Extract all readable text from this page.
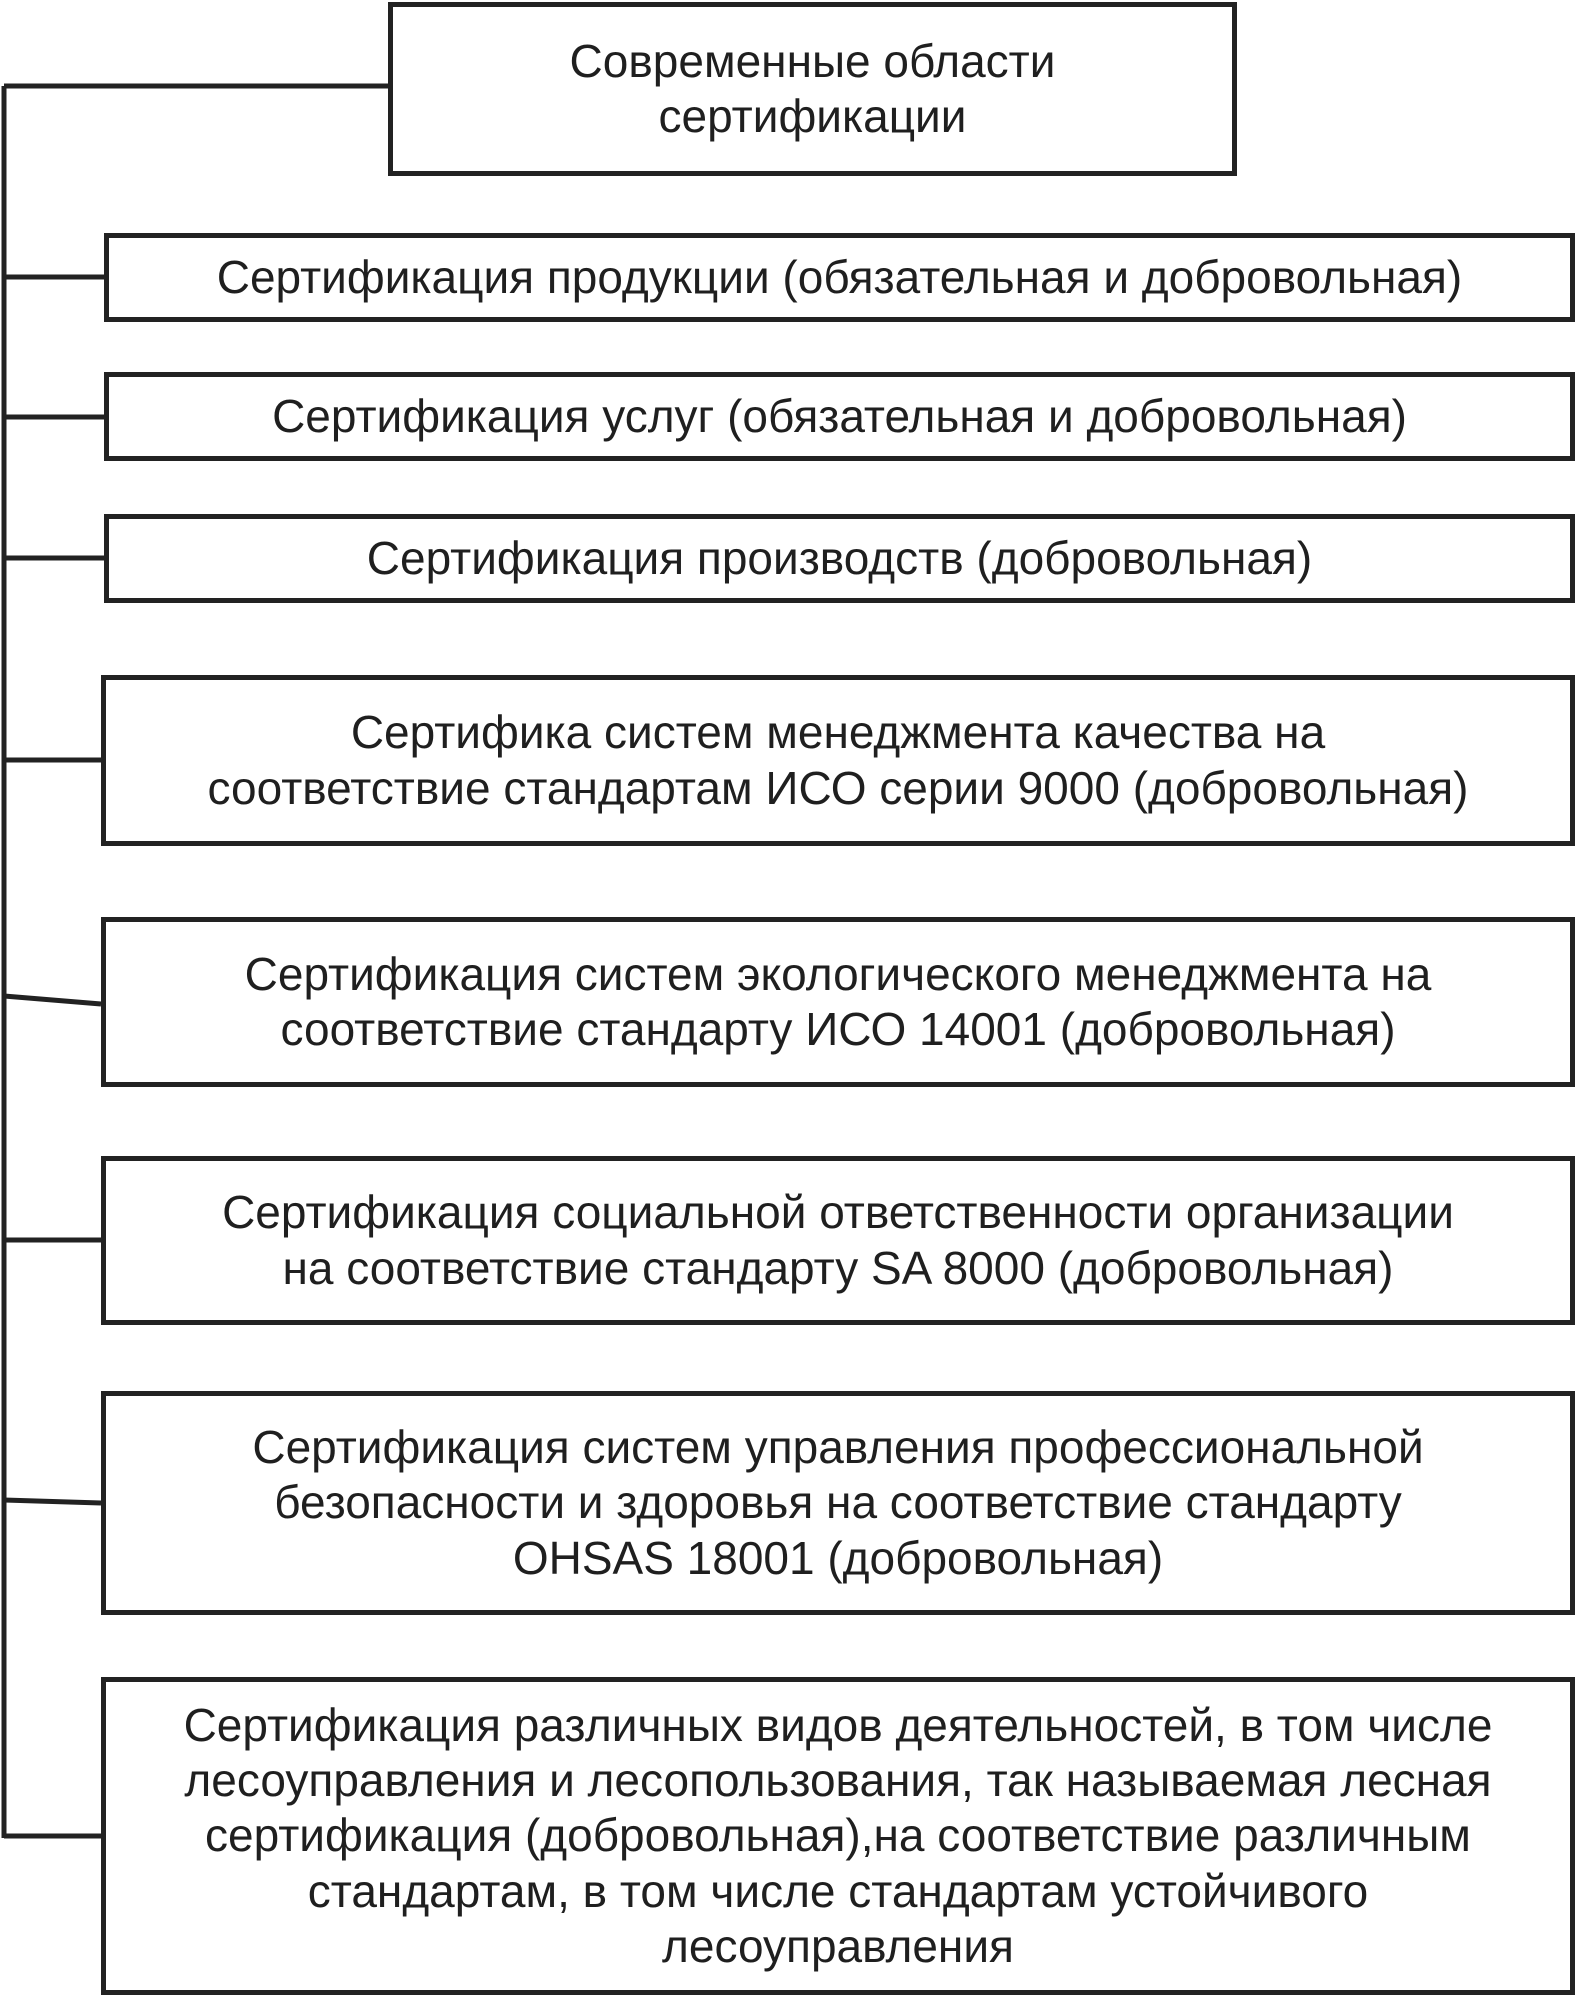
Современные области
сертификации
Сертификация продукции (обязательная и добровольная)
Сертификация услуг (обязательная и добровольная)
Сертификация производств (добровольная)
Сертифика систем менеджмента качества на
соответствие стандартам ИСО серии 9000 (добровольная)
Сертификация систем экологического менеджмента на
соответствие стандарту ИСО 14001 (добровольная)
Сертификация социальной ответственности организации
на соответствие стандарту SA 8000 (добровольная)
Сертификация систем управления профессиональной
безопасности и здоровья на соответствие стандарту
OHSAS 18001 (добровольная)
Сертификация различных видов деятельностей, в том числе
лесоуправления и лесопользования, так называемая лесная
сертификация (добровольная),на соответствие различным
стандартам, в том числе стандартам устойчивого
лесоуправления
